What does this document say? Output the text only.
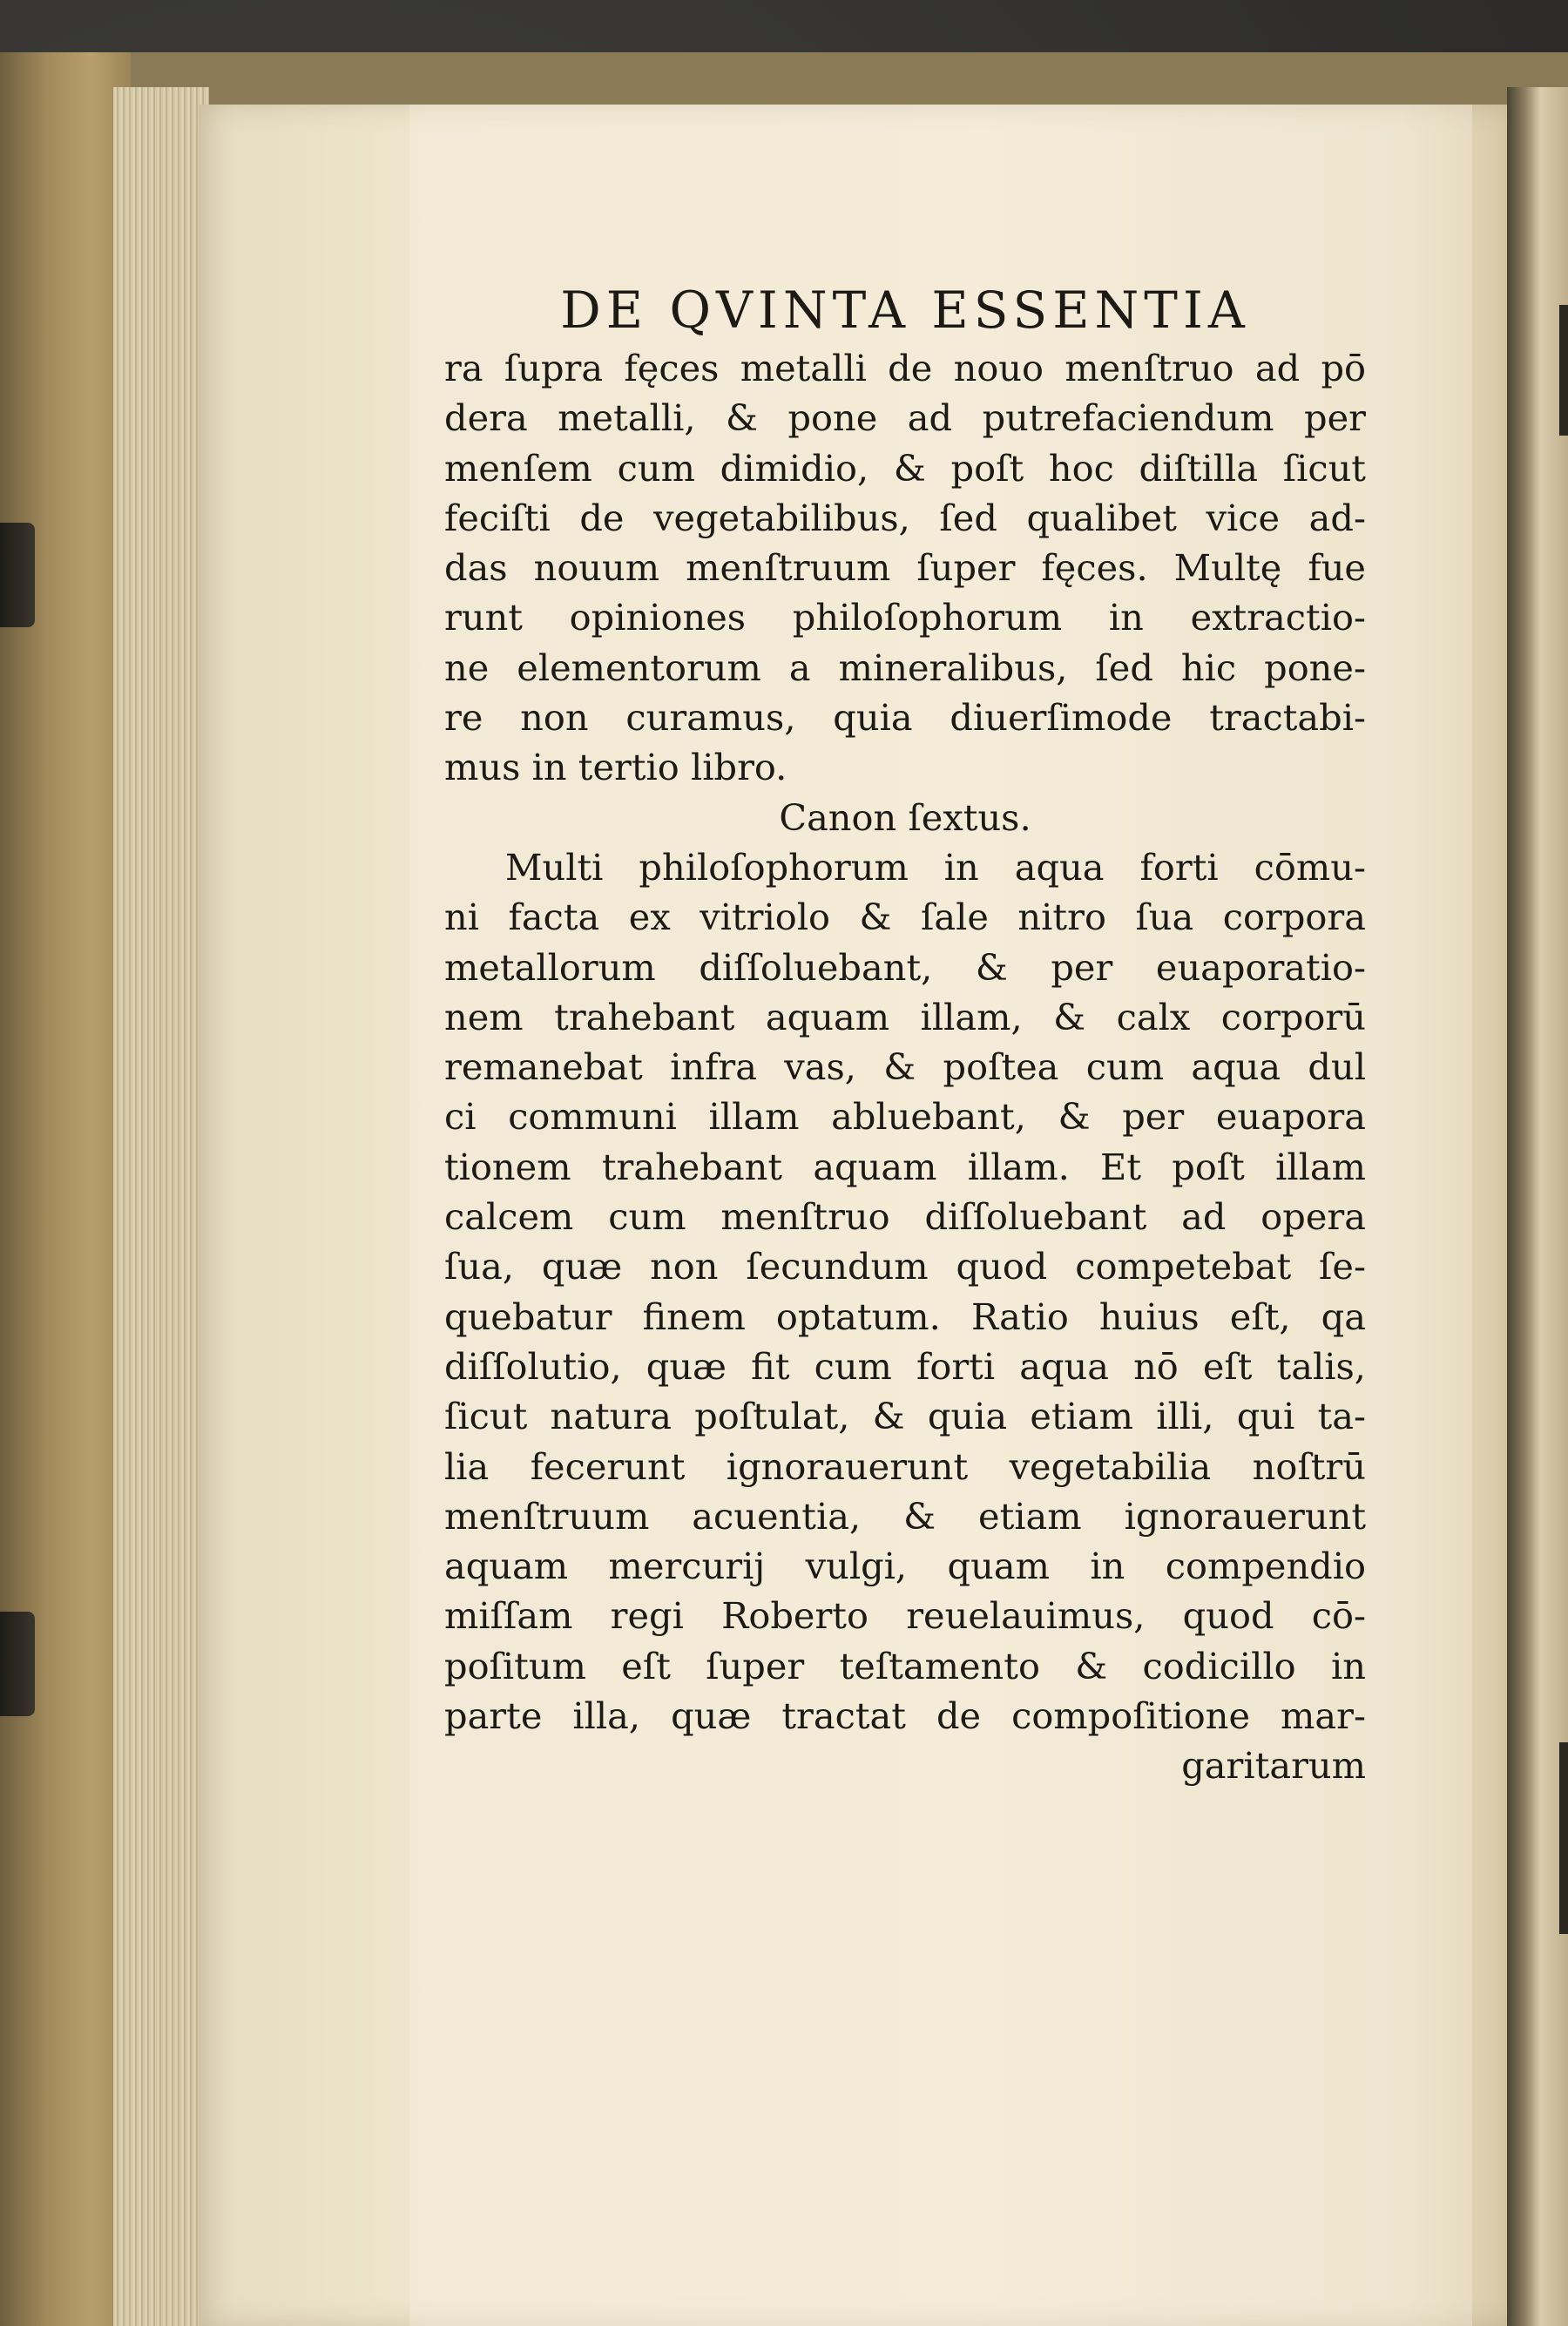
DE QVINTA ESSENTIA
ra ſupra fęces metalli de nouo menſtruo ad pō
dera metalli, & pone ad putrefaciendum per
menſem cum dimidio, & poſt hoc diſtilla ſicut
feciſti de vegetabilibus, ſed qualibet vice ad-
das nouum menſtruum ſuper fęces. Multę fue
runt opiniones philoſophorum in extractio-
ne elementorum a mineralibus, ſed hic pone-
re non curamus, quia diuerſimode tractabi-
mus in tertio libro.
Canon ſextus.
Multi philoſophorum in aqua forti cōmu-
ni facta ex vitriolo & ſale nitro ſua corpora
metallorum diſſoluebant, & per euaporatio-
nem trahebant aquam illam, & calx corporū
remanebat infra vas, & poſtea cum aqua dul
ci communi illam abluebant, & per euapora
tionem trahebant aquam illam. Et poſt illam
calcem cum menſtruo diſſoluebant ad opera
ſua, quæ non ſecundum quod competebat ſe-
quebatur finem optatum. Ratio huius eſt, qa
diſſolutio, quæ fit cum forti aqua nō eſt talis,
ſicut natura poſtulat, & quia etiam illi, qui ta-
lia fecerunt ignorauerunt vegetabilia noſtrū
menſtruum acuentia, & etiam ignorauerunt
aquam mercurij vulgi, quam in compendio
miſſam regi Roberto reuelauimus, quod cō-
poſitum eſt ſuper teſtamento & codicillo in
parte illa, quæ tractat de compoſitione mar-
garitarum
